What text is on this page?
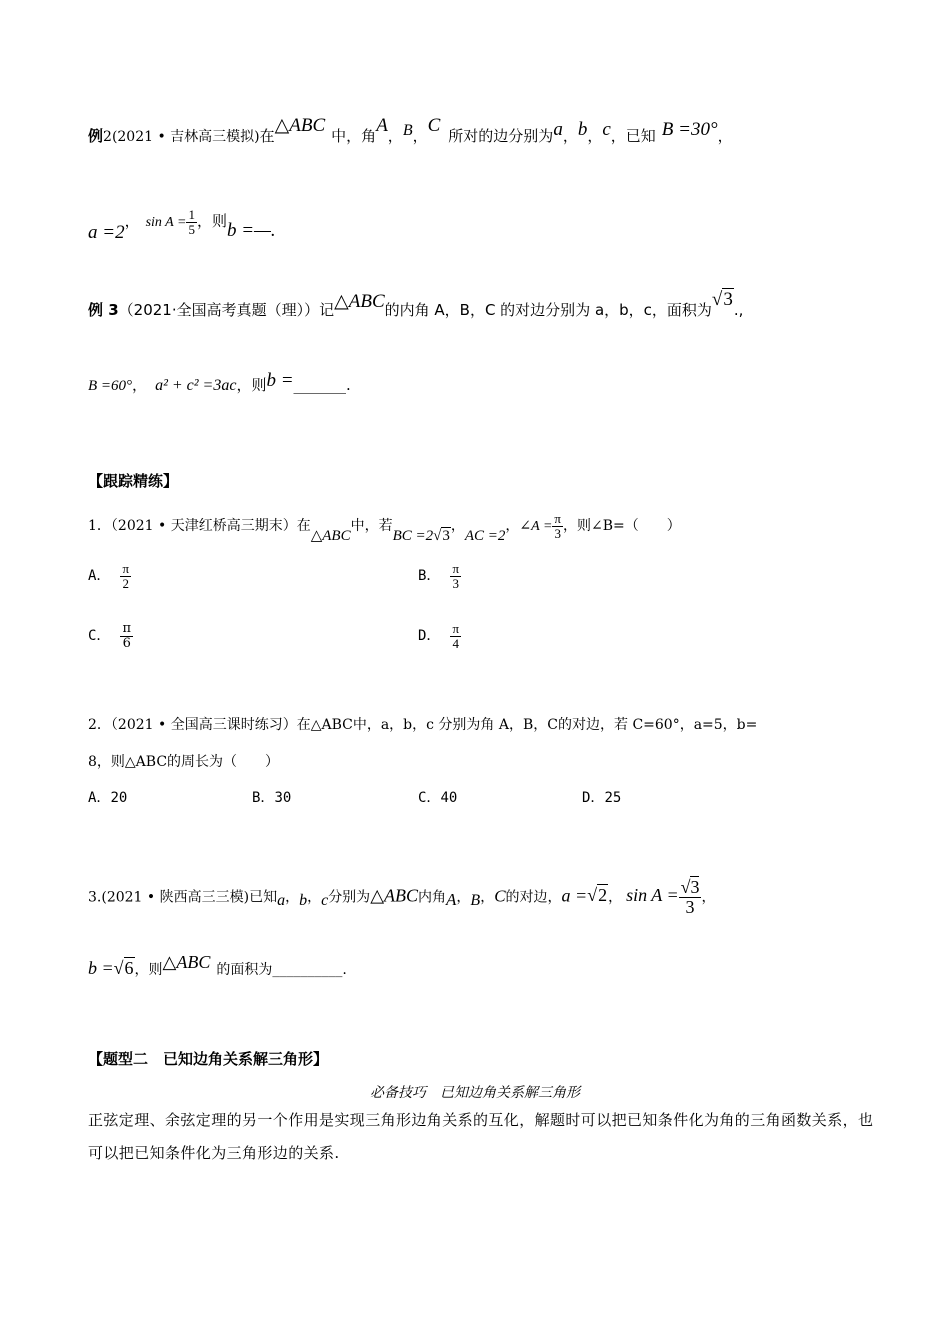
例2(2021 • 吉林高三模拟)在△ABC 中，角A，B，C 所对的边分别为a，b，c，已知 B =30°，
a =2， $\sin A = \frac{1}{5}$ ，则b =—.
例 3（2021·全国高考真题（理））记△ABC的内角 A，B，C 的对边分别为 a，b，c，面积为√3.,
B =60°， a² + c² =3ac，则b =_______.
【跟踪精练】
1．（2021 • 天津红桥高三期末）在△ABC中，若BC =2√3，AC =2，∠A = $\frac{\pi}{3}$ ，则∠B=（　　）
A． $\frac{\pi}{2}$	B． $\frac{\pi}{3}$
C． $\frac{\pi}{6}$	D． $\frac{\pi}{4}$
2．（2021 • 全国高三课时练习）在△ABC中，a，b，c 分别为角 A，B，C的对边，若 C=60°，a=5，b=
8，则△ABC的周长为（　　）
A．20	B．30	C．40	D．25
3.(2021 • 陕西高三三模)已知a，b，c分别为△ABC内角A，B，C的对边，a =√2， $\sin A = \frac{√3}{3}$ ，
b =√6，则△ABC 的面积为__________.
【题型二　已知边角关系解三角形】
必备技巧　已知边角关系解三角形
正弦定理、余弦定理的另一个作用是实现三角形边角关系的互化，解题时可以把已知条件化为角的三角函数关系，也可以把已知条件化为三角形边的关系.
